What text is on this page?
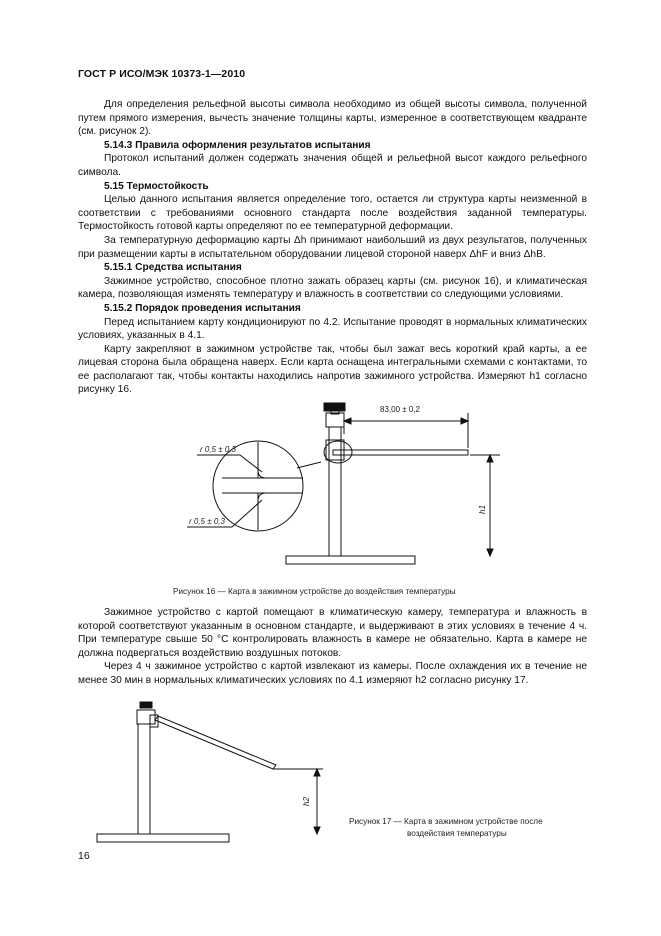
ГОСТ Р ИСО/МЭК 10373-1—2010

Для определения рельефной высоты символа необходимо из общей высоты символа, полученной путем прямого измерения, вычесть значение толщины карты, измеренное в соответствующем квадранте (см. рисунок 2).

5.14.3 Правила оформления результатов испытания

Протокол испытаний должен содержать значения общей и рельефной высот каждого рельефного символа.

5.15 Термостойкость

Целью данного испытания является определение того, остается ли структура карты неизменной в соответствии с требованиями основного стандарта после воздействия заданной температуры. Термостойкость готовой карты определяют по ее температурной деформации.

За температурную деформацию карты Δh принимают наибольший из двух результатов, полученных при размещении карты в испытательном оборудовании лицевой стороной наверх ΔhF и вниз ΔhB.

5.15.1 Средства испытания

Зажимное устройство, способное плотно зажать образец карты (см. рисунок 16), и климатическая камера, позволяющая изменять температуру и влажность в соответствии со следующими условиями.

5.15.2 Порядок проведения испытания

Перед испытанием карту кондиционируют по 4.2. Испытание проводят в нормальных климатических условиях, указанных в 4.1.

Карту закрепляют в зажимном устройстве так, чтобы был зажат весь короткий край карты, а ее лицевая сторона была обращена наверх. Если карта оснащена интегральными схемами с контактами, то ее располагают так, чтобы контакты находились напротив зажимного устройства. Измеряют h1 согласно рисунку 16.

83,00 ± 0,2
r 0,5 ± 0,3
r 0,5 ± 0,3
h1
Рисунок 16 — Карта в зажимном устройстве до воздействия температуры

Зажимное устройство с картой помещают в климатическую камеру, температура и влажность в которой соответствуют указанным в основном стандарте, и выдерживают в этих условиях в течение 4 ч. При температуре свыше 50 °С контролировать влажность в камере не обязательно. Карта в камере не должна подвергаться воздействию воздушных потоков.

Через 4 ч зажимное устройство с картой извлекают из камеры. После охлаждения их в течение не менее 30 мин в нормальных климатических условиях по 4.1 измеряют h2 согласно рисунку 17.

h2
Рисунок 17 — Карта в зажимном устройстве после
воздействия температуры
16
